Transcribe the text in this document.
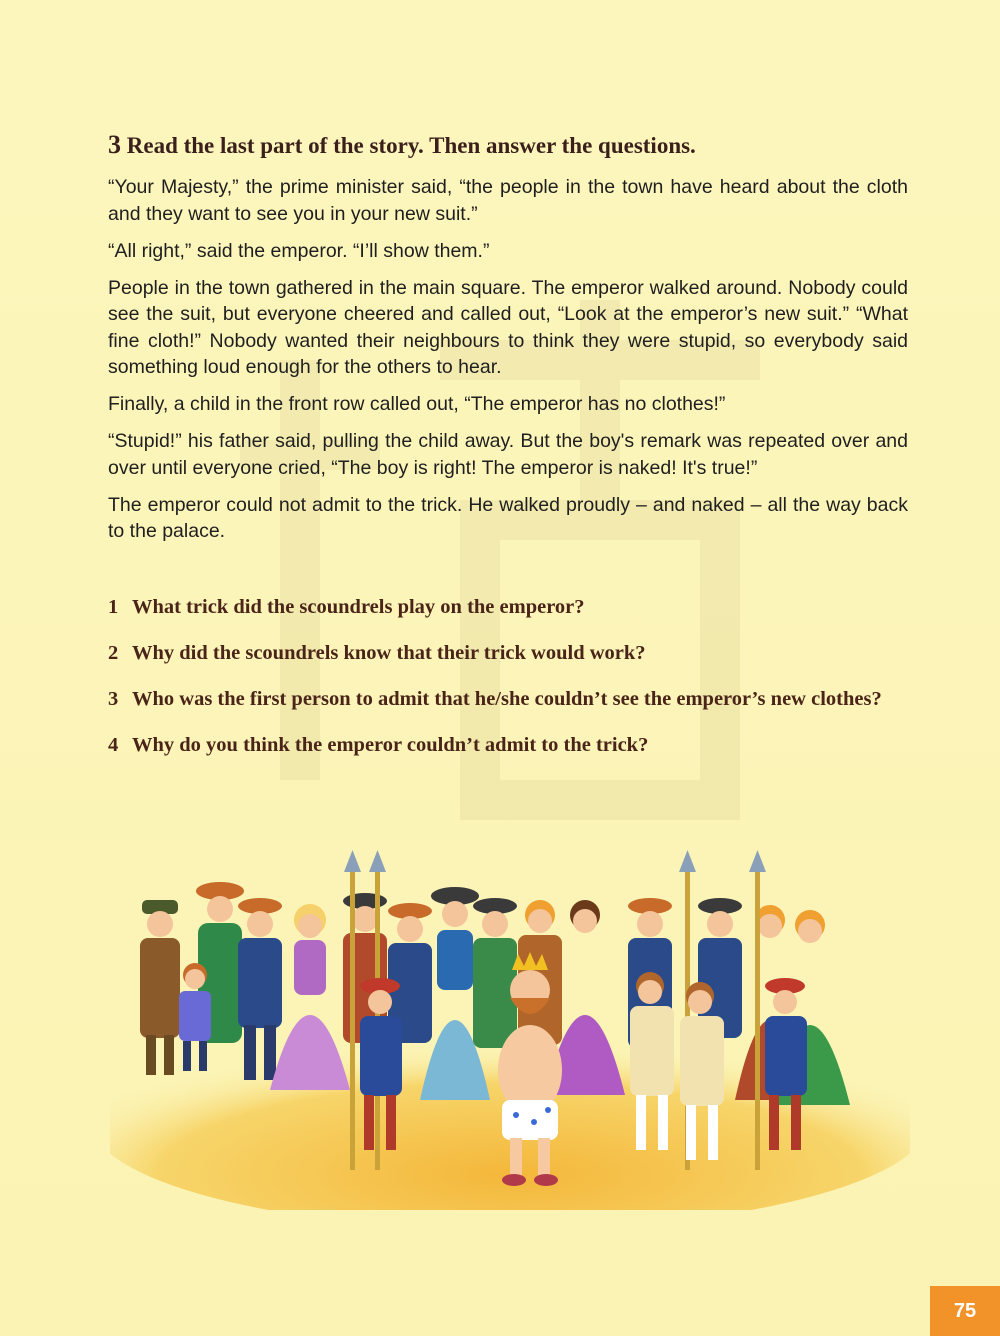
3 Read the last part of the story. Then answer the questions.

“Your Majesty,” the prime minister said, “the people in the town have heard about the cloth and they want to see you in your new suit.”

“All right,” said the emperor. “I’ll show them.”

People in the town gathered in the main square. The emperor walked around. Nobody could see the suit, but everyone cheered and called out, “Look at the emperor’s new suit.” “What fine cloth!” Nobody wanted their neighbours to think they were stupid, so everybody said something loud enough for the others to hear.

Finally, a child in the front row called out, “The emperor has no clothes!”

“Stupid!” his father said, pulling the child away. But the boy's remark was repeated over and over until everyone cried, “The boy is right! The emperor is naked! It's true!”

The emperor could not admit to the trick. He walked proudly – and naked – all the way back to the palace.

1 What trick did the scoundrels play on the emperor?
2 Why did the scoundrels know that their trick would work?
3 Who was the first person to admit that he/she couldn’t see the emperor’s new clothes?
4 Why do you think the emperor couldn’t admit to the trick?
75
